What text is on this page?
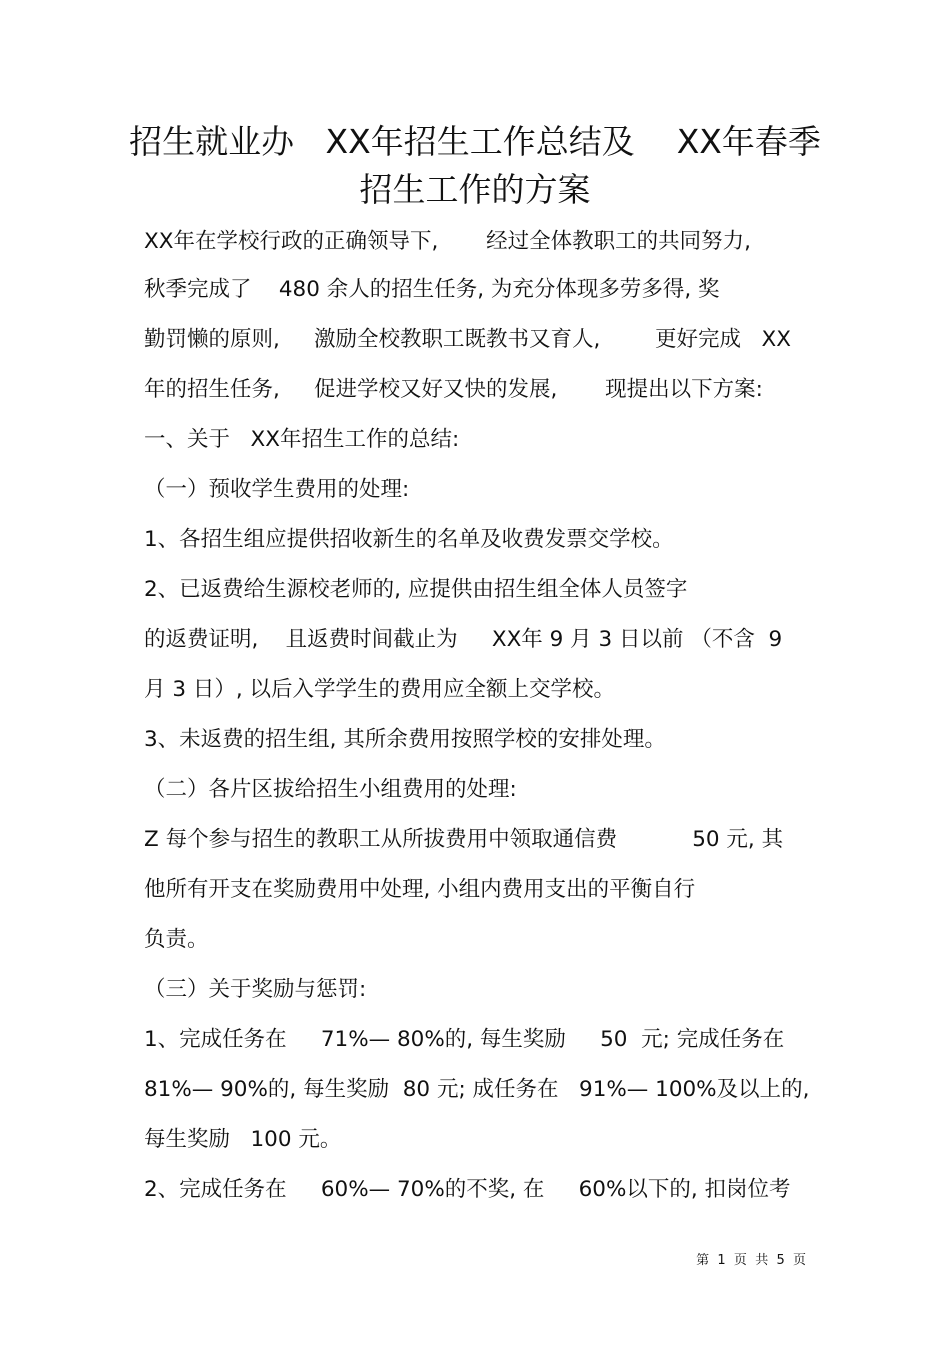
招生就业办   XX年招生工作总结及    XX年春季
招生工作的方案
XX年在学校行政的正确领导下,       经过全体教职工的共同努力,
秋季完成了    480 余人的招生任务, 为充分体现多劳多得, 奖
勤罚懒的原则,     激励全校教职工既教书又育人,        更好完成   XX
年的招生任务,     促进学校又好又快的发展,       现提出以下方案:
一、关于   XX年招生工作的总结:
（一）预收学生费用的处理:
1、各招生组应提供招收新生的名单及收费发票交学校。
2、已返费给生源校老师的, 应提供由招生组全体人员签字
的返费证明,    且返费时间截止为     XX年 9 月 3 日以前 （不含  9
月 3 日）, 以后入学学生的费用应全额上交学校。
3、未返费的招生组, 其所余费用按照学校的安排处理。
（二）各片区拔给招生小组费用的处理:
Z 每个参与招生的教职工从所拔费用中领取通信费           50 元, 其
他所有开支在奖励费用中处理, 小组内费用支出的平衡自行
负责。
（三）关于奖励与惩罚:
1、完成任务在     71%— 80%的, 每生奖励     50  元; 完成任务在
81%— 90%的, 每生奖励  80 元; 成任务在   91%— 100%及以上的,
每生奖励   100 元。
2、完成任务在     60%— 70%的不奖, 在     60%以下的, 扣岗位考
第  1  页  共  5  页
